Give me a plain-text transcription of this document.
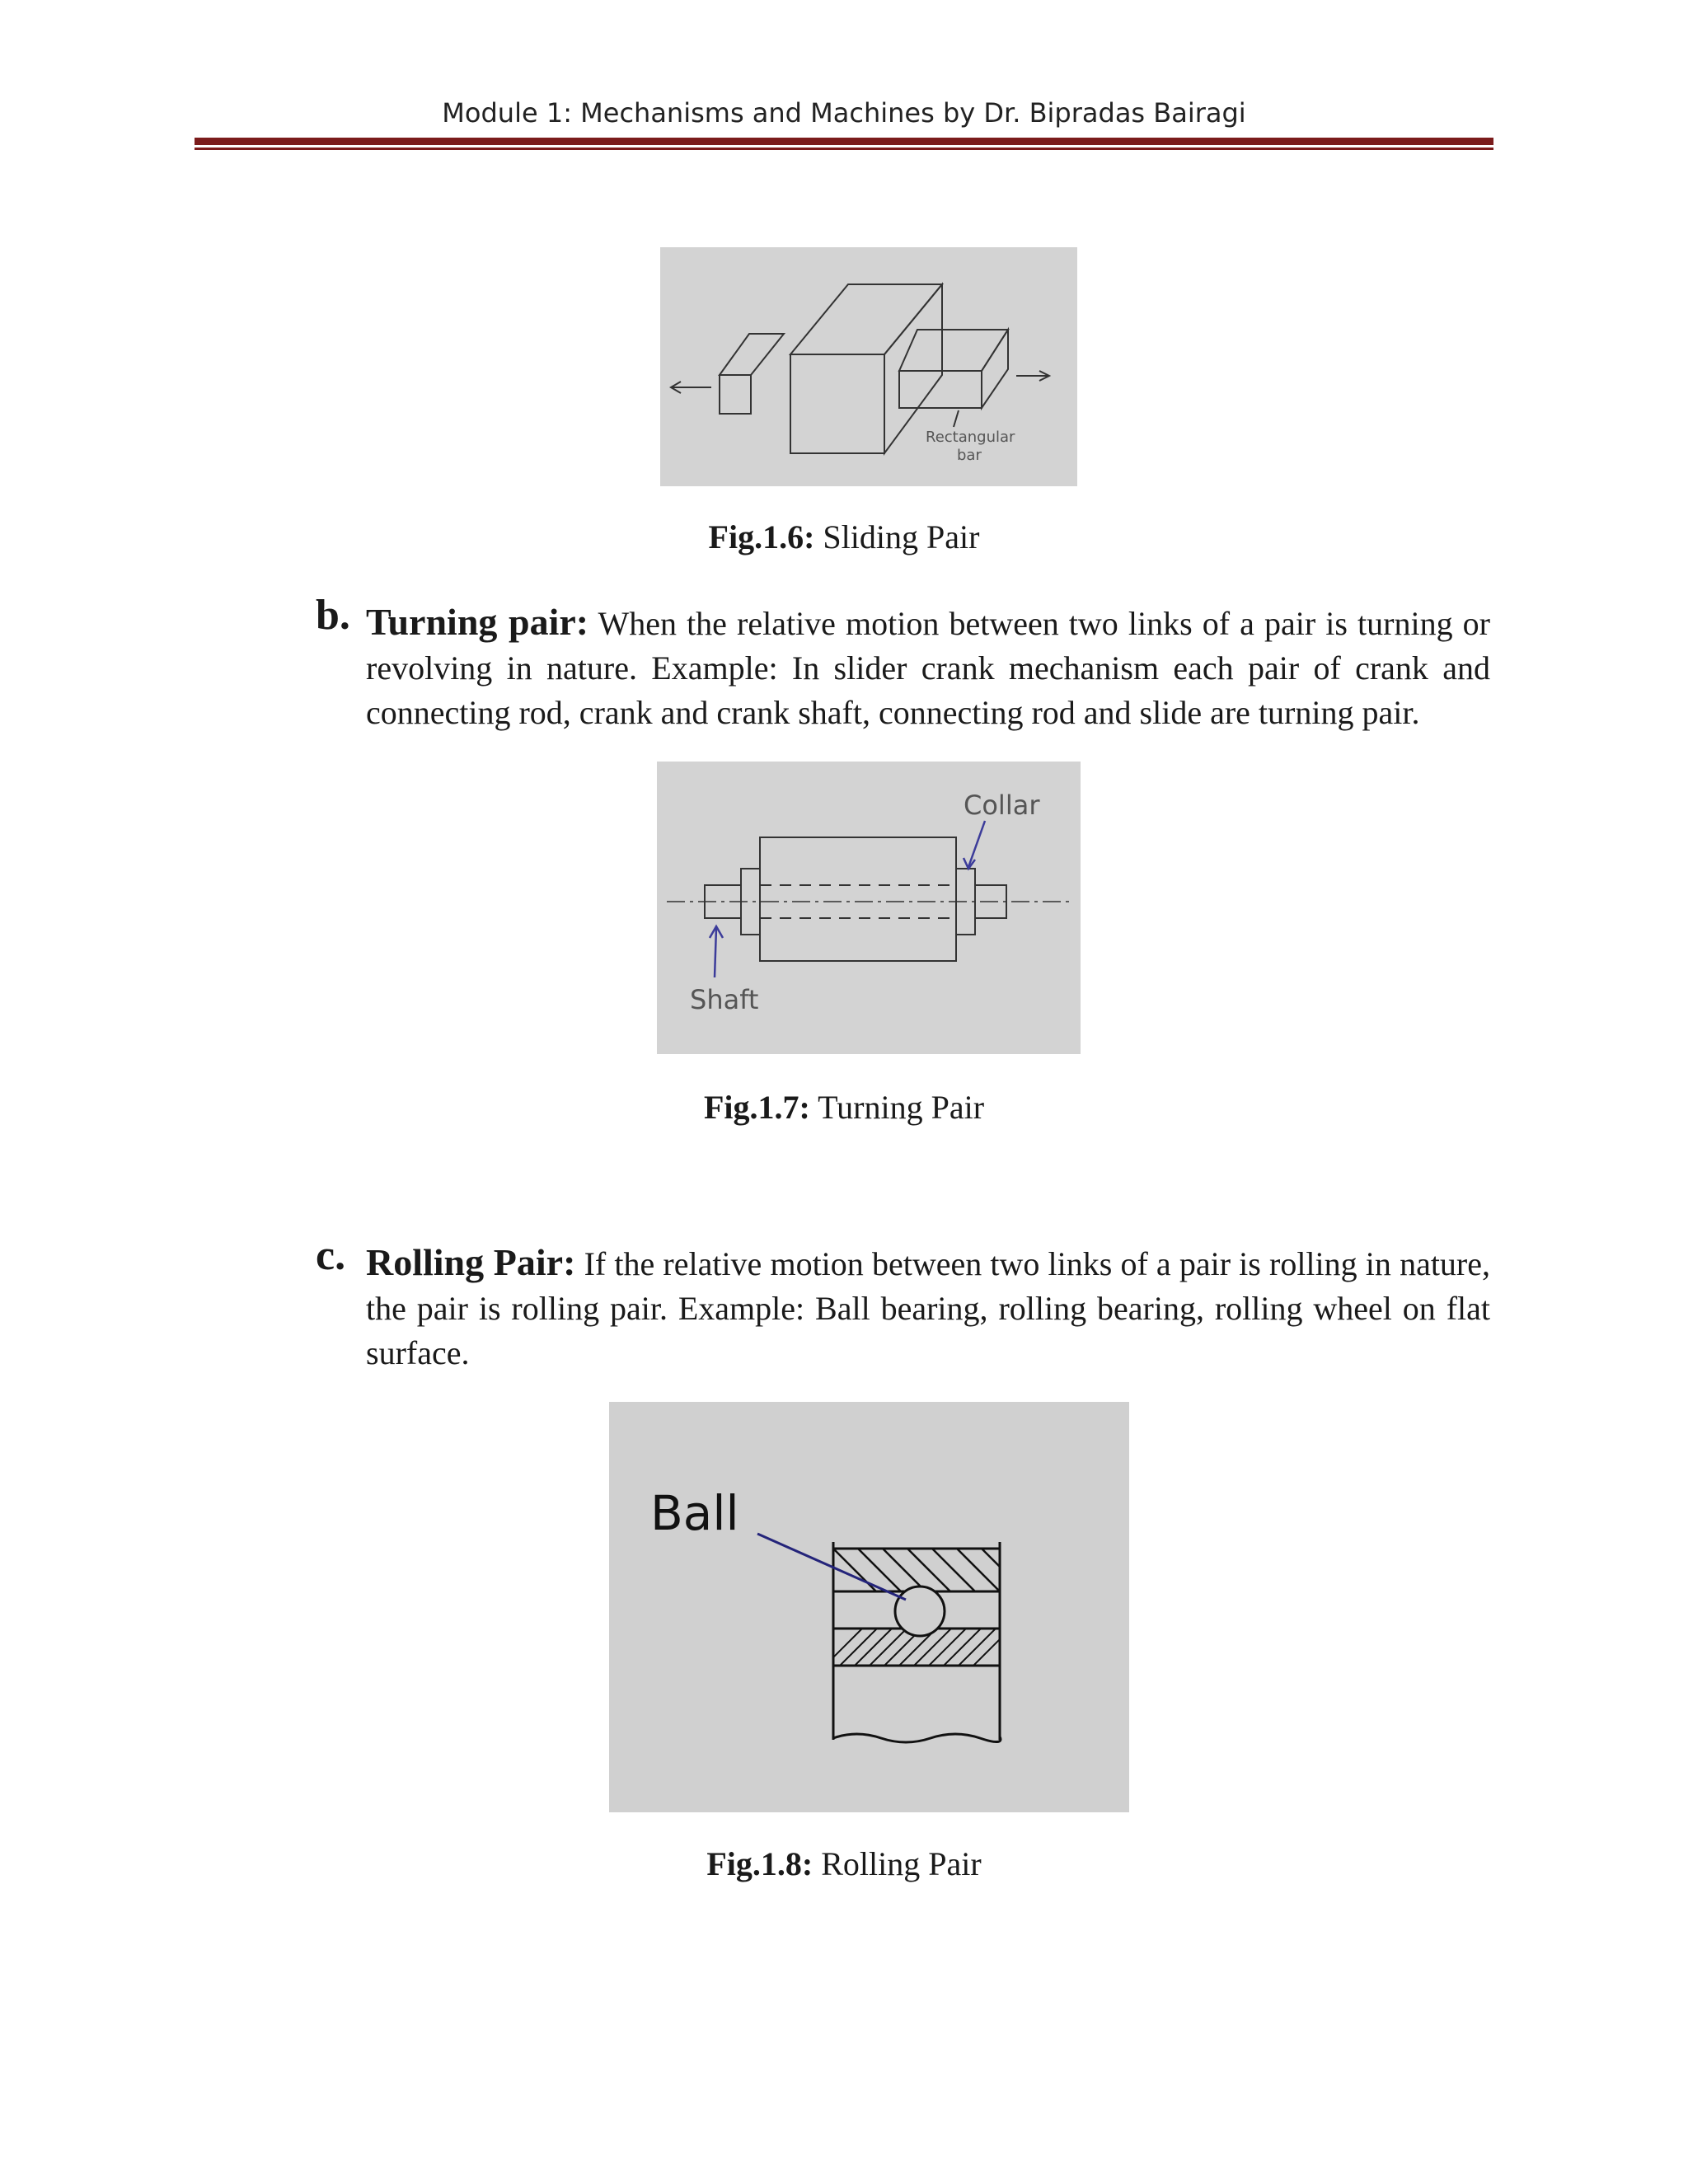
Module 1: Mechanisms and Machines by Dr. Bipradas Bairagi
Rectangular
bar
Fig.1.6: Sliding Pair
b. Turning pair: When the relative motion between two links of a pair is turning or revolving in nature. Example: In slider crank mechanism each pair of crank and connecting rod, crank and crank shaft, connecting rod and slide are turning pair.
Collar
Shaft
Fig.1.7: Turning Pair
c. Rolling Pair: If the relative motion between two links of a pair is rolling in nature, the pair is rolling pair. Example: Ball bearing, rolling bearing, rolling wheel on flat surface.
Ball
Fig.1.8: Rolling Pair
